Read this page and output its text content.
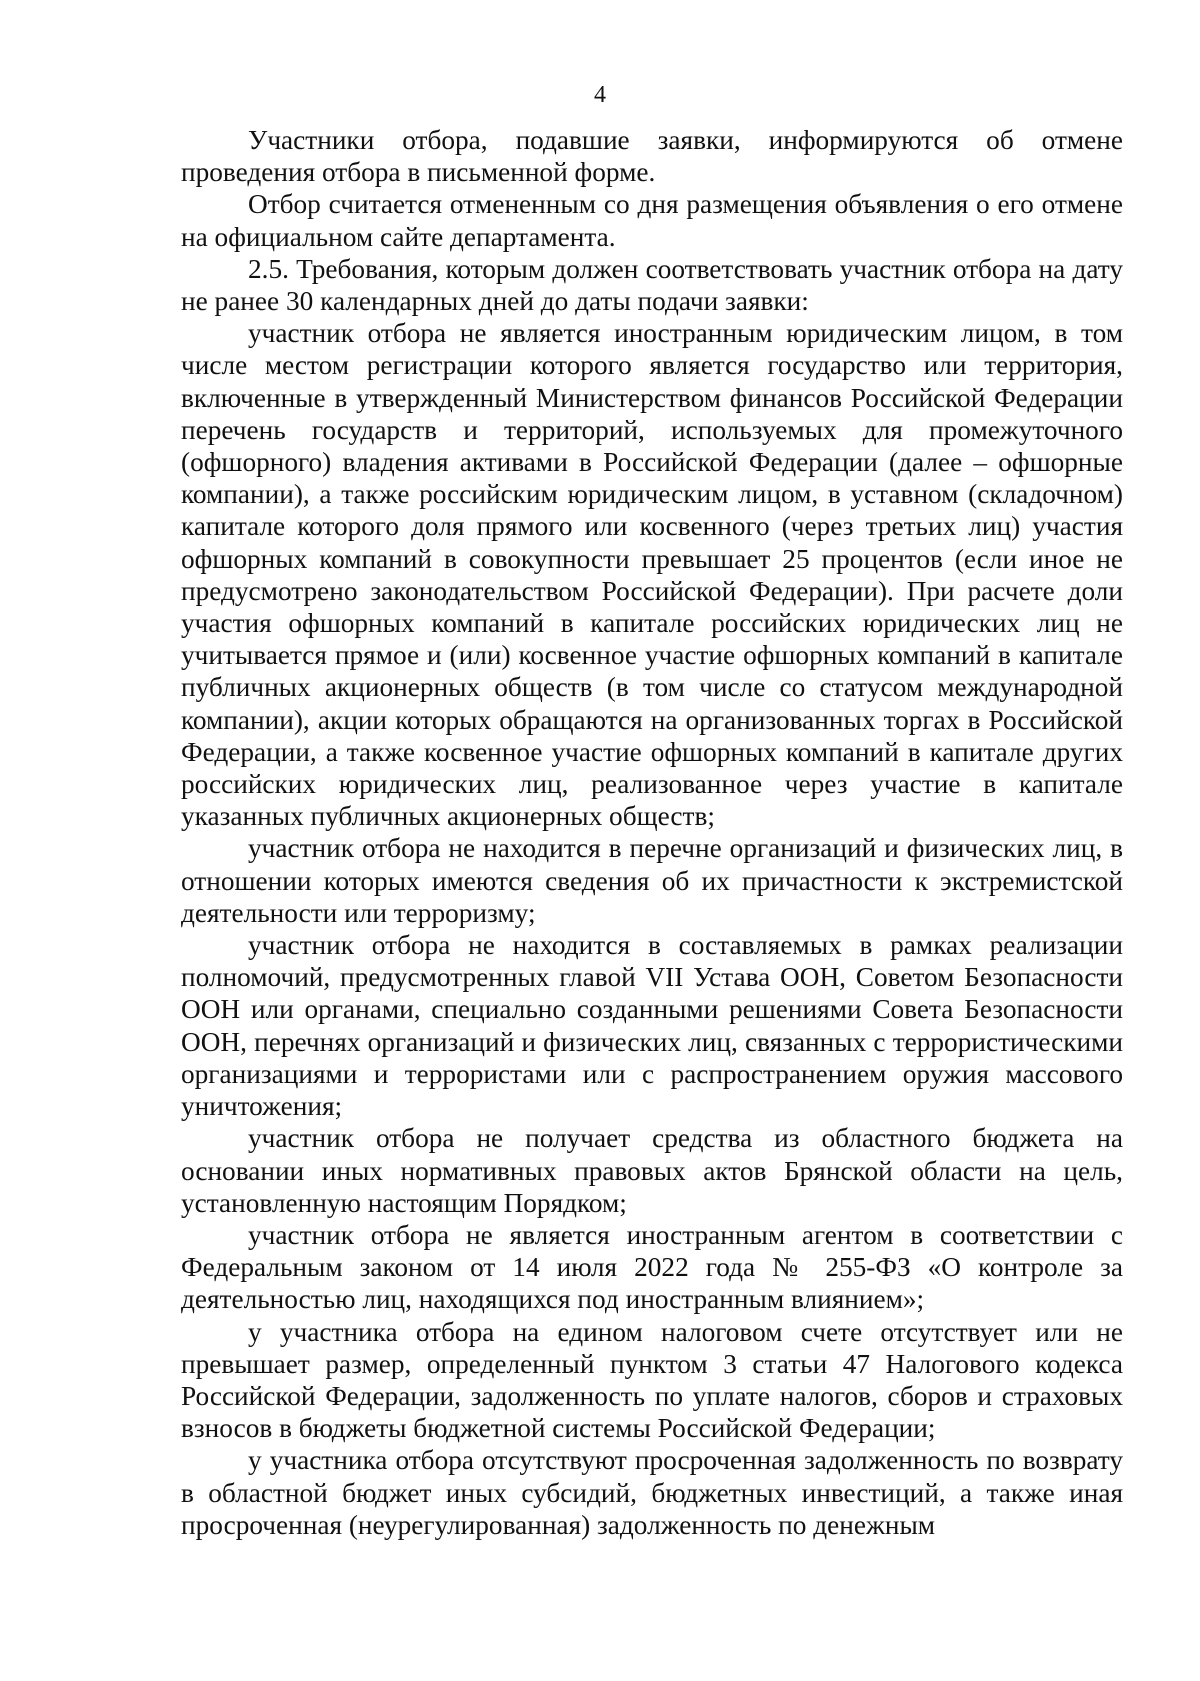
4

Участники отбора, подавшие заявки, информируются об отмене проведения отбора в письменной форме.

Отбор считается отмененным со дня размещения объявления о его отмене на официальном сайте департамента.

2.5. Требования, которым должен соответствовать участник отбора на дату не ранее 30 календарных дней до даты подачи заявки:

участник отбора не является иностранным юридическим лицом, в том числе местом регистрации которого является государство или территория, включенные в утвержденный Министерством финансов Российской Федерации перечень государств и территорий, используемых для промежуточного (офшорного) владения активами в Российской Федерации (далее – офшорные компании), а также российским юридическим лицом, в уставном (складочном) капитале которого доля прямого или косвенного (через третьих лиц) участия офшорных компаний в совокупности превышает 25 процентов (если иное не предусмотрено законодательством Российской Федерации). При расчете доли участия офшорных компаний в капитале российских юридических лиц не учитывается прямое и (или) косвенное участие офшорных компаний в капитале публичных акционерных обществ (в том числе со статусом международной компании), акции которых обращаются на организованных торгах в Российской Федерации, а также косвенное участие офшорных компаний в капитале других российских юридических лиц, реализованное через участие в капитале указанных публичных акционерных обществ;

участник отбора не находится в перечне организаций и физических лиц, в отношении которых имеются сведения об их причастности к экстремистской деятельности или терроризму;

участник отбора не находится в составляемых в рамках реализации полномочий, предусмотренных главой VII Устава ООН, Советом Безопасности ООН или органами, специально созданными решениями Совета Безопасности ООН, перечнях организаций и физических лиц, связанных с террористическими организациями и террористами или с распространением оружия массового уничтожения;

участник отбора не получает средства из областного бюджета на основании иных нормативных правовых актов Брянской области на цель, установленную настоящим Порядком;

участник отбора не является иностранным агентом в соответствии с Федеральным законом от 14 июля 2022 года № 255-ФЗ «О контроле за деятельностью лиц, находящихся под иностранным влиянием»;

у участника отбора на едином налоговом счете отсутствует или не превышает размер, определенный пунктом 3 статьи 47 Налогового кодекса Российской Федерации, задолженность по уплате налогов, сборов и страховых взносов в бюджеты бюджетной системы Российской Федерации;

у участника отбора отсутствуют просроченная задолженность по возврату в областной бюджет иных субсидий, бюджетных инвестиций, а также иная просроченная (неурегулированная) задолженность по денежным
